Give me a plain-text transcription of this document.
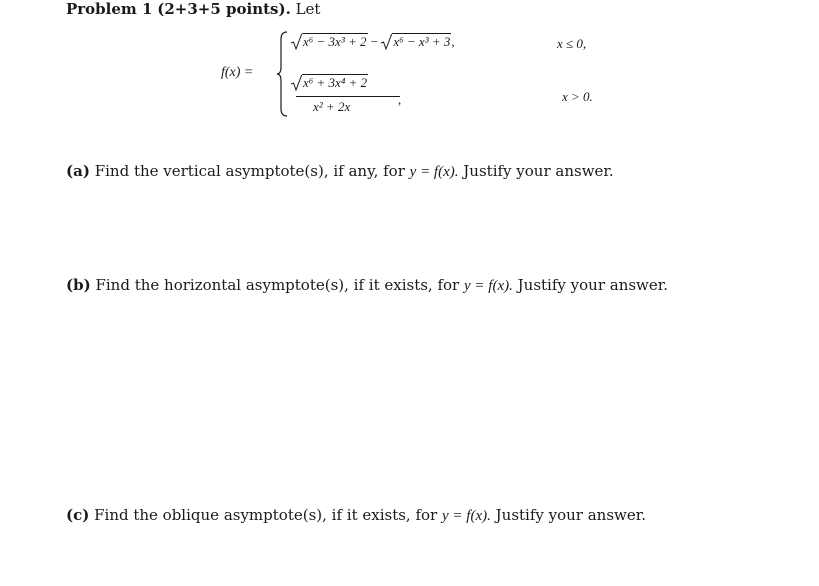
Problem 1 (2+3+5 points). Let
f(x) =
x⁶ − 3x³ + 2 − x⁶ − x³ + 3,	x ≤ 0,
x⁶ + 3x⁴ + 2
x² + 2x	,	x > 0.
(a) Find the vertical asymptote(s), if any, for y = f(x). Justify your answer.
(b) Find the horizontal asymptote(s), if it exists, for y = f(x). Justify your answer.
(c) Find the oblique asymptote(s), if it exists, for y = f(x). Justify your answer.
